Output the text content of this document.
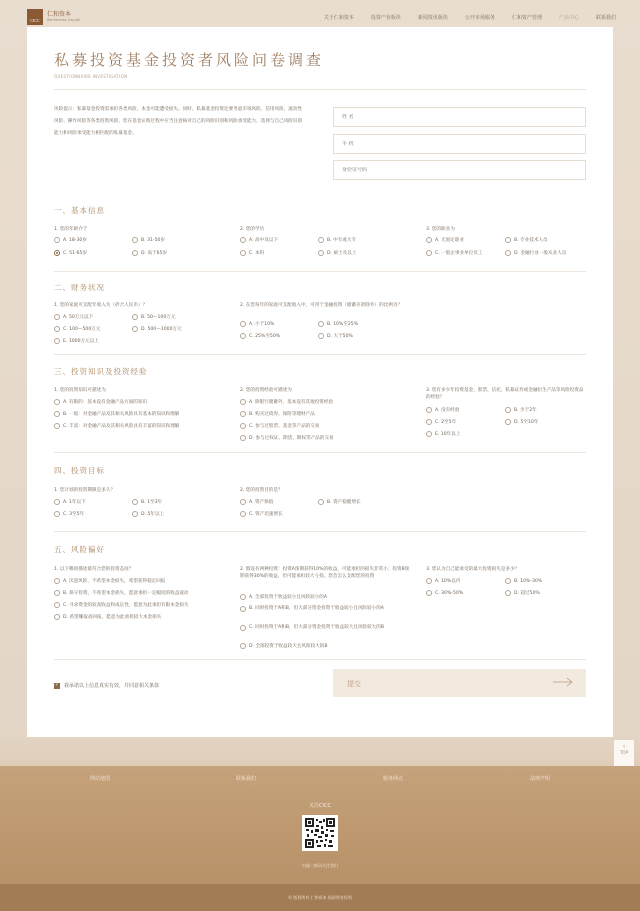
CICC
仁和资本
Renhemiao Capital	关于仁和资本	投资产业板块	新闻资讯板块	公开市场服务	仁和资产管理	产品中心	联系我们
私募投资基金投资者风险问卷调查
QUESTIONNAIRE INVESTIGATION
风险提示：私募基金投资需承担各类风险，本金可能遭受损失。同时，私募基金投资还要考虑市场风险、信用风险、流动性风险、操作风险等各类投资风险。您在基金认购过程中应当注意核对自己的风险识别和风险承受能力，选择与自己风险识别能力和风险承受能力相匹配的私募基金。
姓 名
手 机
身份证号码
一、基本信息
1. 您的年龄介于
A. 18-30岁	B. 31-50岁
C. 51-65岁	D. 高于65岁
2. 您的学历
A. 高中及以下	B. 中专或大专
C. 本科	D. 硕士及以上
3. 您的职业为
A. 无固定职业	B. 专业技术人员
C. 一般企事业单位员工	D. 金融行业一般从业人员
二、财务状况
1. 您的家庭可支配年收入为（折合人民币）？
A. 50万元以下	B. 50—100万元
C. 100—500万元	D. 500—1000万元
E. 1000万元以上
2. 在您每年的家庭可支配收入中，可用于金融投资（储蓄存款除外）的比例为？
A. 小于10%	B. 10%至25%
C. 25%至50%	D. 大于50%
三、投资知识及投资经验
1. 您的投资知识可描述为
A. 有限的：基本没有金融产品方面的知识
B. 一般：对金融产品及其相关风险具有基本的知识和理解
C. 丰富：对金融产品及其相关风险具有丰富的知识和理解
2. 您的投资经验可描述为
A. 除银行储蓄外，基本没有其他投资经验
B. 购买过债券、保险等理财产品
C. 参与过股票、基金等产品的交易
D. 参与过权证、期货、期权等产品的交易
3. 您有多少年投资基金、股票、信托、私募证券或金融衍生产品等风险投资品的经验？
A. 没有经验	B. 少于2年
C. 2至5年	D. 5至10年
E. 10年以上
四、投资目标
1. 您计划的投资期限是多久？
A. 1年以下	B. 1至3年
C. 3至5年	D. 5年以上
2. 您的投资目的是？
A. 资产保值	B. 资产稳健增长
C. 资产迅速增长
五、风险偏好
1. 以下哪项描述最符合您的投资态度？
A. 厌恶风险，不希望本金损失，希望获得稳定回报
B. 保守投资，不希望本金损失，愿意承担一定幅度的收益波动
C. 寻求资金的较高收益和成长性，愿意为此承担有限本金损失
D. 希望赚取高回报，愿意为此承担较大本金损失
2. 假设有两种投资：投资A预期获得10%的收益，可能承担的损失非常小；投资B预期获得30%的收益，但可能承担较大亏损。您会怎么支配您的投资
A. 全部投资于收益较小且风险较小的A
B. 同时投资于A和B，但大部分资金投资于收益较小且风险较小的A
C. 同时投资于A和B，但大部分资金投资于收益较大且风险较大的B
D. 全部投资于收益较大且风险较大的B
3. 您认为自己能承受的最大投资损失是多少？
A. 10%以内	B. 10%-30%
C. 30%-50%	D. 超过50%
✓ 我承诺以上信息真实有效，并同意相关条款	提交
↑
TOP
网站地图	联系我们	服务网点	法律声明
关注CICC
扫描二维码关注我们
© 版权所有 仁和资本 保留所有权利
